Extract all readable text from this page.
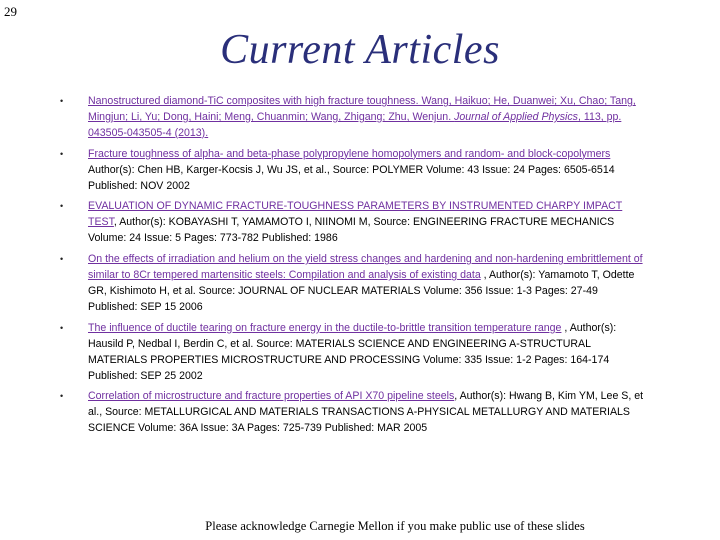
29
Current Articles
• Nanostructured diamond-TiC composites with high fracture toughness. Wang, Haikuo; He, Duanwei; Xu, Chao; Tang, Mingjun; Li, Yu; Dong, Haini; Meng, Chuanmin; Wang, Zhigang; Zhu, Wenjun. Journal of Applied Physics, 113, pp. 043505-043505-4 (2013).
• Fracture toughness of alpha- and beta-phase polypropylene homopolymers and random- and block-copolymers Author(s): Chen HB, Karger-Kocsis J, Wu JS, et al., Source: POLYMER Volume: 43 Issue: 24 Pages: 6505-6514 Published: NOV 2002
• EVALUATION OF DYNAMIC FRACTURE-TOUGHNESS PARAMETERS BY INSTRUMENTED CHARPY IMPACT TEST, Author(s): KOBAYASHI T, YAMAMOTO I, NIINOMI M, Source: ENGINEERING FRACTURE MECHANICS Volume: 24 Issue: 5 Pages: 773-782 Published: 1986
• On the effects of irradiation and helium on the yield stress changes and hardening and non-hardening embrittlement of similar to 8Cr tempered martensitic steels: Compilation and analysis of existing data , Author(s): Yamamoto T, Odette GR, Kishimoto H, et al. Source: JOURNAL OF NUCLEAR MATERIALS Volume: 356 Issue: 1-3 Pages: 27-49 Published: SEP 15 2006
• The influence of ductile tearing on fracture energy in the ductile-to-brittle transition temperature range , Author(s): Hausild P, Nedbal I, Berdin C, et al. Source: MATERIALS SCIENCE AND ENGINEERING A-STRUCTURAL MATERIALS PROPERTIES MICROSTRUCTURE AND PROCESSING Volume: 335 Issue: 1-2 Pages: 164-174 Published: SEP 25 2002
• Correlation of microstructure and fracture properties of API X70 pipeline steels, Author(s): Hwang B, Kim YM, Lee S, et al., Source: METALLURGICAL AND MATERIALS TRANSACTIONS A-PHYSICAL METALLURGY AND MATERIALS SCIENCE Volume: 36A Issue: 3A Pages: 725-739 Published: MAR 2005
Please acknowledge Carnegie Mellon if you make public use of these slides
